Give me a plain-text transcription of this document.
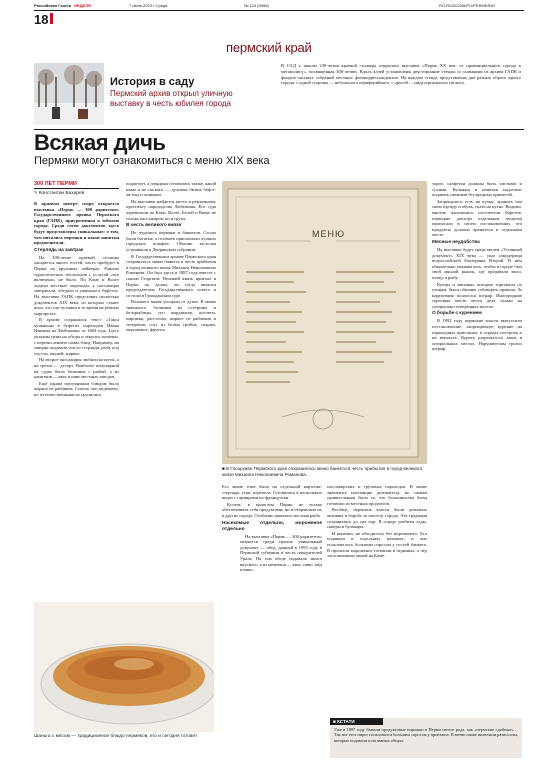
Российская Газета НЕДЕЛЯ	7 июня 2023 • Среда	№ 124 (9068)	RG.RU/2023/6/PG/PERMKRAY
18
пермский край
История в саду
Пермский архив открыл уличную выставку в честь юбилея города
В САД у школы 230-летия краевой столицы открылась выставка «Пермь XX век: от провинциального города к мегаполису», посвящённая 300-летию. Вдоль аллей установлены двусторонние стенды со снимками из архива ГАПК и фондов частных собраний местных фотокорреспондентов. На каждом стенде представлены два разных образа одного города: с одной стороны — небольшого периферийного, с другой — индустриального гиганта.
Всякая дичь
Пермяки могут ознакомиться с меню XIX века
300 ЛЕТ ПЕРМИ
✎ Константин Бахарев

В краевом центре скоро откроется выставка «Пермь — 300 раритетов» Государственного архива Пермского края (ГАПК), приуроченная к юбилею города. Среди сотен документов здесь будут представлены уникальные: о том, чем питались пермяки и какие напитки предпочитали.

Стерлядь на завтрак

На 300-летие краевой столицы ожидается много гостей, часть прибудет в Пермь на круизных лайнерах. Раньше туристических теплоходов с услугой «все включено» не было. По Каме и Волге ходили местные пароходы, а пассажиры завтракали, обедали и ужинали в буфетах. На выставке ГАПК представит несколько документов XIX века, из которых станет ясно, что ели путники в то время на речных маршрутах.

В архиве сохранился текст «Такса кушаньям в буфетах пароходов Ивана Иванова на Любимова» от 1884 года. Здесь указаны цены на обеды и закуски, конечно, с перечислением самих блюд. Например, на завтрак подавали ухи из стерляди, рыбу под соусом, окуней, жаркое.

На второе пассажиры любили котлеты, а на третье — десерт. Наиболее популярной на судах была ботвинья с рыбой, а из напитков — квас и пиво местных заводов.

Ещё одним популярным блюдом было жаркое из рябчиков. Стоило оно недёшево, но путешественники не скупились.

подкотлет, а говядина готовилась также, какой ныне и не сыскать, — духовая, битки, беф-а-ля-мод и заливное.

На выставке найдется место и рекламному проспекту пароходства Любимова. Его суда перевозили по Каме, Волге, Белой и Вятке не только пассажиров, но и грузы.

В честь великого князя

Не чурались пермяки и банкетов. Столы были богатые, а готовить приглашали лучших городских поваров. Обычно застолья устраивали в Дворянском собрании.

В Государственном архиве Пермского края сохранилось меню банкета в честь прибытия в город великого князя Михаила Николаевича Романова. Он был здесь в 1887 году вместе с сыном Георгием. Великий князь приехал в Пермь по делам, он тогда являлся председателем Государственного совета и состоял в Гражданском суде.

Великого князя угощали от души. В меню значились: ботвинья из осетрины и белорыбицы, суп жардиньер, котлеты, пирожки, расстегаи, жаркое из рябчиков и тетеревов, соус из белых грибов, спаржа, мороженое, фрукты.

МЕНЮ
■ В Госархиве Пермского края сохранилось меню банкета в честь прибытия в город великого князя Михаила Николаевича Романова.

Его меню тоже было на отдельной карточке: стерлядь, утки, перепела. Готовились в нескольких видах с гарнирами по-французски.

Кстати, в прошлом Пермь не только обеспечивала себя продуктами, но и отправляла их в другие города. Особенно ценилась местная рыба.

Насекомые отдельно, мороженое отдельно

На выставке «Пермь — 300 раритетов» окажется среди прочих уникальный документ — обед, данный в 1893 году в Пермской губернии в честь покорителей Урала. На том обеде подавали много вкусного, а из напитков — квас, пиво, мёд и вино.

пассажирских и грузовых пароходов. В меню значились настоящие деликатесы, но самым удивительным было то, что большинство блюд готовили из местных продуктов.

Вообще, пермские власти были довольно активны в борьбе за чистоту города. Эта традиция сохранилась до сих пор. В городе разбиты сады, скверы и бульвары.

И конечно, не обходилось без мороженого. Его подавали в отдельных вазочках, и оно пользовалось большим спросом у гостей банкета. В прошлом мороженое готовили в ледниках, а лёд заготавливали зимой на Каме.

Шаньга с мясом — традиционное блюдо пермяков, его и сегодня готовят

торги, салфетки должны быть чистыми и сухими. Кушанья и напитки надлежит подавать свежими без вредных примесей.

Запрещалось есть на кухне, хранить там свою одежду и обувь, спать на кухне. Видимо, многие жаловались посетители буфетов: пермские доктора отдельным пунктом прописали в своем постановлении, что продукты должны храниться в отдельном месте.

Мясные неудобства

На выставке будет представлен «Уставный документ» XIX века — указ самодержца всероссийской Екатерины Второй. В нём обязательно указывалось, чтобы в городе был свой мясной рынок, где продавали мясо, птицу и рыбу.

Купцы и мясники, которые торговали по улицам, были обязаны соблюдать правила. За нарушения полагался штраф. Иногородние торговцы могли вести дела только на специально отведённых местах.

О борьбе с курением

В 1892 году пермские власти выпустили постановление, запрещающее курение на пароходных пристанях, в оградах построек и на вокзалах. Курить разрешалось лишь в специальных местах. Нарушителям грозил штраф.

■ КСТАТИ
Уже в 1887 году бывали продуктовые пирожки в Перми своего рода, как «пермские сдобные»… Так вот этот пирог пользовался большим спросом у приезжих. В меню также включали разносолы, которые подавали и на званых обедах.
